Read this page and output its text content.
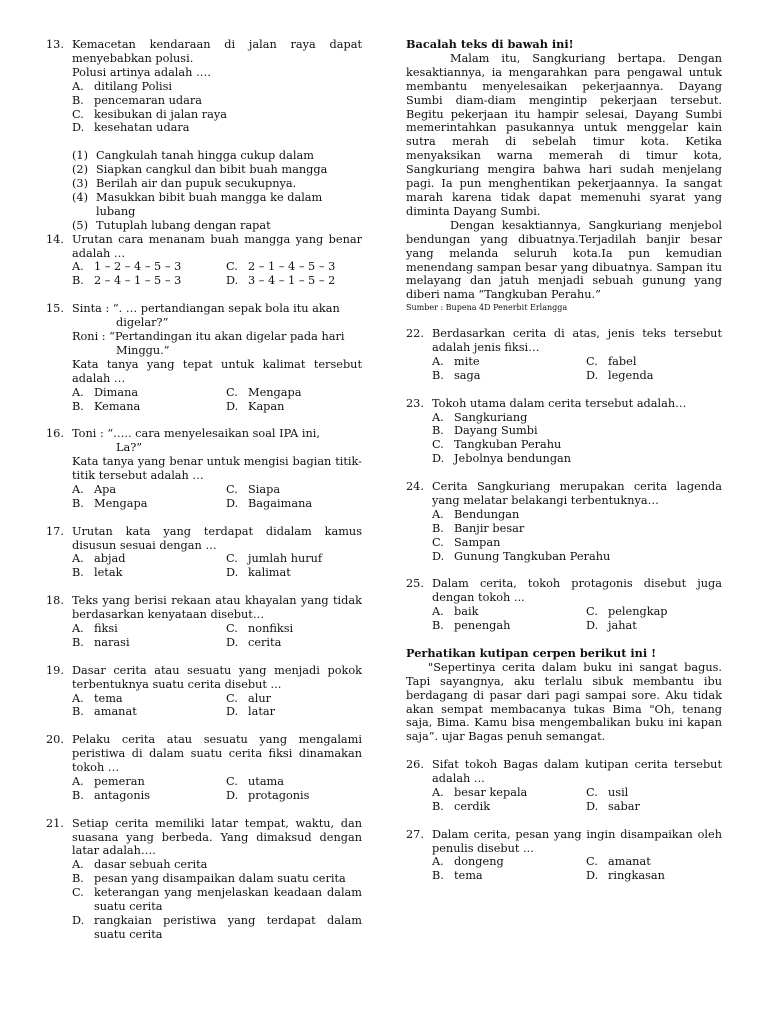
13. Kemacetan kendaraan di jalan raya dapat menyebabkan polusi.
Polusi artinya adalah ….
A. ditilang Polisi
B. pencemaran udara
C. kesibukan di jalan raya
D. kesehatan udara
(1) Cangkulah tanah hingga cukup dalam
(2) Siapkan cangkul dan bibit buah mangga
(3) Berilah air dan pupuk secukupnya.
(4) Masukkan bibit buah mangga ke dalam lubang
(5) Tutuplah lubang dengan rapat
14. Urutan cara menanam buah mangga yang benar adalah …
A. 1 – 2 – 4 – 5 – 3	C. 2 – 1 – 4 – 5 – 3
B. 2 – 4 – 1 – 5 – 3	D. 3 – 4 – 1 – 5 – 2
15. Sinta : “. … pertandiangan sepak bola itu akan
digelar?”
Roni : “Pertandingan itu akan digelar pada hari
Minggu.”
Kata tanya yang tepat untuk kalimat tersebut adalah …
A. Dimana	C. Mengapa
B. Kemana	D. Kapan
16. Toni : “….. cara menyelesaikan soal IPA ini,
La?”
Kata tanya yang benar untuk mengisi bagian titik-titik tersebut adalah …
A. Apa	C. Siapa
B. Mengapa	D. Bagaimana
17. Urutan kata yang terdapat didalam kamus disusun sesuai dengan …
A. abjad	C. jumlah huruf
B. letak	D. kalimat
18. Teks yang berisi rekaan atau khayalan yang tidak berdasarkan kenyataan disebut…
A. fiksi	C. nonfiksi
B. narasi	D. cerita
19. Dasar cerita atau sesuatu yang menjadi pokok terbentuknya suatu cerita disebut ...
A. tema	C. alur
B. amanat	D. latar
20. Pelaku cerita atau sesuatu yang mengalami peristiwa di dalam suatu cerita fiksi dinamakan tokoh …
A. pemeran	C. utama
B. antagonis	D. protagonis
21. Setiap cerita memiliki latar tempat, waktu, dan suasana yang berbeda. Yang dimaksud dengan latar adalah….
A. dasar sebuah cerita
B. pesan yang disampaikan dalam suatu cerita
C. keterangan yang menjelaskan keadaan dalam suatu cerita
D. rangkaian peristiwa yang terdapat dalam suatu cerita
Bacalah teks di bawah ini!
Malam itu, Sangkuriang bertapa. Dengan kesaktiannya, ia mengarahkan para pengawal untuk membantu menyelesaikan pekerjaannya. Dayang Sumbi diam-diam mengintip pekerjaan tersebut. Begitu pekerjaan itu hampir selesai, Dayang Sumbi memerintahkan pasukannya untuk menggelar kain sutra merah di sebelah timur kota. Ketika menyaksikan warna memerah di timur kota, Sangkuriang mengira bahwa hari sudah menjelang pagi. Ia pun menghentikan pekerjaannya. Ia sangat marah karena tidak dapat memenuhi syarat yang diminta Dayang Sumbi.
Dengan kesaktiannya, Sangkuriang menjebol bendungan yang dibuatnya.Terjadilah banjir besar yang melanda seluruh kota.Ia pun kemudian menendang sampan besar yang dibuatnya. Sampan itu melayang dan jatuh menjadi sebuah gunung yang diberi nama “Tangkuban Perahu.”
Sumber : Bupena 4D Penerbit Erlangga
22. Berdasarkan cerita di atas, jenis teks tersebut adalah jenis fiksi…
A. mite	C. fabel
B. saga	D. legenda
23. Tokoh utama dalam cerita tersebut adalah…
A. Sangkuriang
B. Dayang Sumbi
C. Tangkuban Perahu
D. Jebolnya bendungan
24. Cerita Sangkuriang merupakan cerita lagenda yang melatar belakangi terbentuknya…
A. Bendungan
B. Banjir besar
C. Sampan
D. Gunung Tangkuban Perahu
25. Dalam cerita, tokoh protagonis disebut juga dengan tokoh ...
A. baik	C. pelengkap
B. penengah	D. jahat
Perhatikan kutipan cerpen berikut ini !
"Sepertinya cerita dalam buku ini sangat bagus. Tapi sayangnya, aku terlalu sibuk membantu ibu berdagang di pasar dari pagi sampai sore. Aku tidak akan sempat membacanya tukas Bima "Oh, tenang saja, Bima. Kamu bisa mengembalikan buku ini kapan saja”. ujar Bagas penuh semangat.
26. Sifat tokoh Bagas dalam kutipan cerita tersebut adalah ...
A. besar kepala	C. usil
B. cerdik	D. sabar
27. Dalam cerita, pesan yang ingin disampaikan oleh penulis disebut ...
A. dongeng	C. amanat
B. tema	D. ringkasan
